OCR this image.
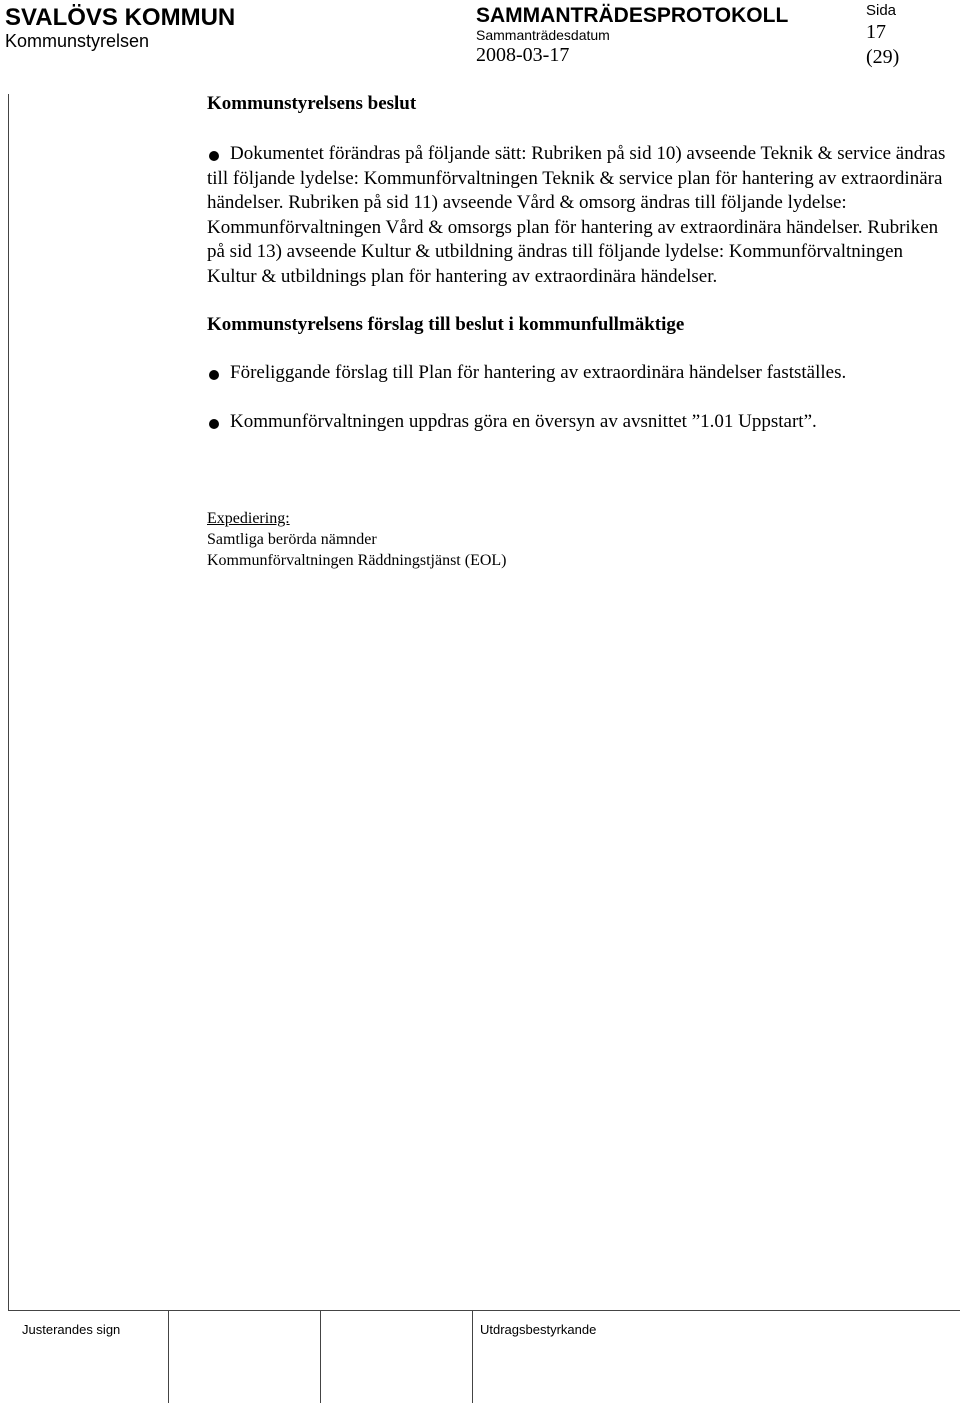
SVALÖVS KOMMUN
Kommunstyrelsen
SAMMANTRÄDESPROTOKOLL
Sammanträdesdatum
2008-03-17
Sida
17
(29)

Kommunstyrelsens beslut

Dokumentet förändras på följande sätt: Rubriken på sid 10) avseende Teknik & service ändras till följande lydelse: Kommunförvaltningen Teknik & service plan för hantering av extraordinära händelser. Rubriken på sid 11) avseende Vård & omsorg ändras till följande lydelse: Kommunförvaltningen Vård & omsorgs plan för hantering av extraordinära händelser. Rubriken på sid 13) avseende Kultur & utbildning ändras till följande lydelse: Kommunförvaltningen Kultur & utbildnings plan för hantering av extraordinära händelser.

Kommunstyrelsens förslag till beslut i kommunfullmäktige

Föreliggande förslag till Plan för hantering av extraordinära händelser fastställes.

Kommunförvaltningen uppdras göra en översyn av avsnittet ”1.01 Uppstart”.

Expediering:
Samtliga berörda nämnder
Kommunförvaltningen Räddningstjänst (EOL)
Justerandes sign	Utdragsbestyrkande
